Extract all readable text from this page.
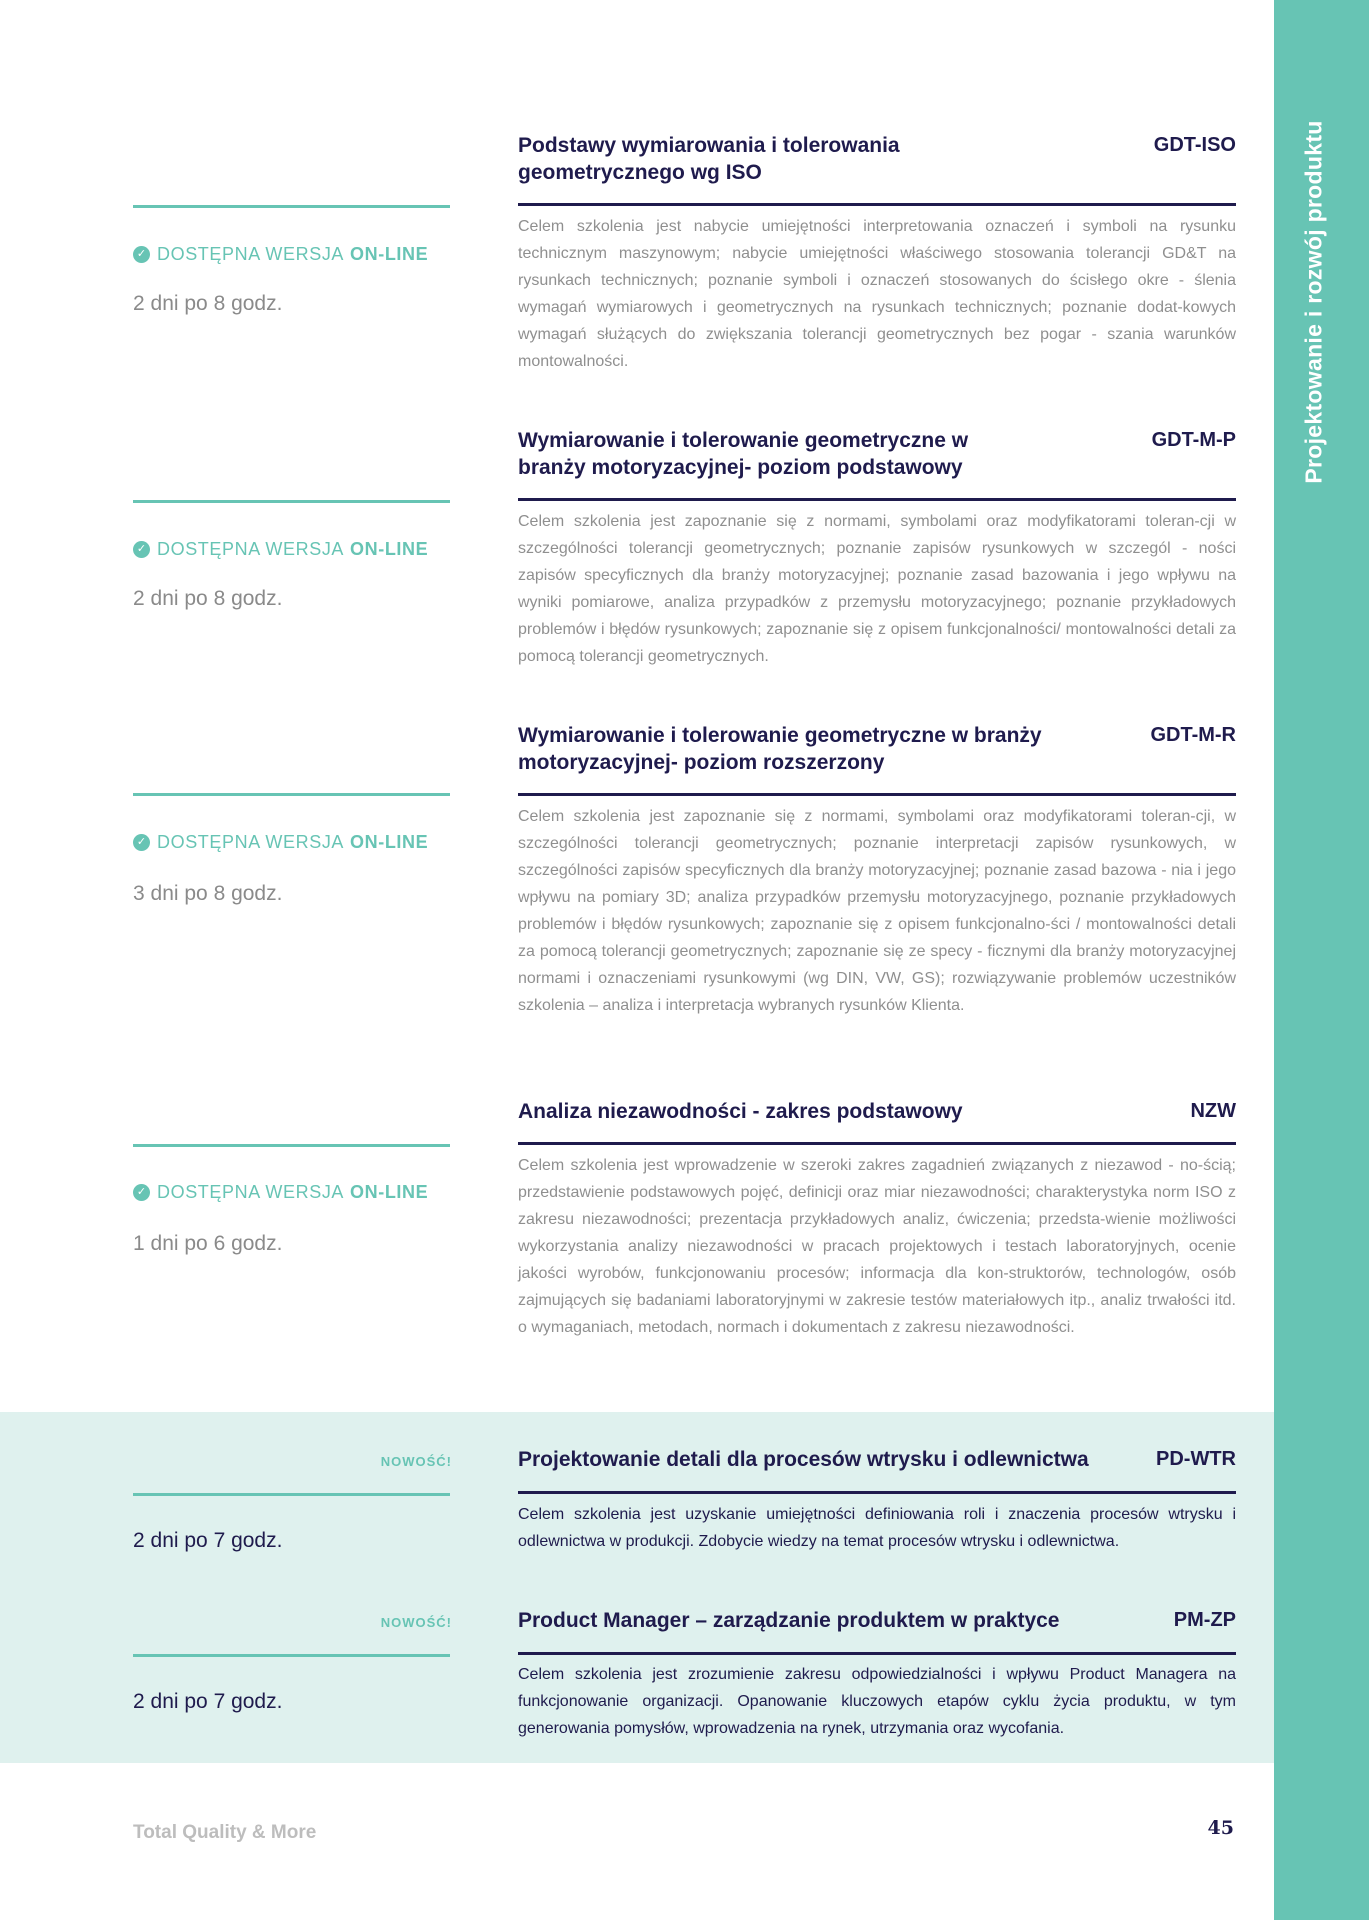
Projektowanie i rozwój produktu
Podstawy wymiarowania i tolerowania geometrycznego wg ISO
GDT-ISO
✓ DOSTĘPNA WERSJA ON-LINE
2 dni po 8 godz.
Celem szkolenia jest nabycie umiejętności interpretowania oznaczeń i symboli na rysunku technicznym maszynowym; nabycie umiejętności właściwego stosowania tolerancji GD&T na rysunkach technicznych; poznanie symboli i oznaczeń stosowanych do ścisłego okre - ślenia wymagań wymiarowych i geometrycznych na rysunkach technicznych; poznanie dodat-kowych wymagań służących do zwiększania tolerancji geometrycznych bez pogar - szania warunków montowalności.
Wymiarowanie i tolerowanie geometryczne w branży motoryzacyjnej- poziom podstawowy
GDT-M-P
✓ DOSTĘPNA WERSJA ON-LINE
2 dni po 8 godz.
Celem szkolenia jest zapoznanie się z normami, symbolami oraz modyfikatorami toleran-cji w szczególności tolerancji geometrycznych; poznanie zapisów rysunkowych w szczegól - ności zapisów specyficznych dla branży motoryzacyjnej; poznanie zasad bazowania i jego wpływu na wyniki pomiarowe, analiza przypadków z przemysłu motoryzacyjnego; poznanie przykładowych problemów i błędów rysunkowych; zapoznanie się z opisem funkcjonalności/ montowalności detali za pomocą tolerancji geometrycznych.
Wymiarowanie i tolerowanie geometryczne w branży motoryzacyjnej- poziom rozszerzony
GDT-M-R
✓ DOSTĘPNA WERSJA ON-LINE
3 dni po 8 godz.
Celem szkolenia jest zapoznanie się z normami, symbolami oraz modyfikatorami toleran-cji, w szczególności tolerancji geometrycznych; poznanie interpretacji zapisów rysunkowych, w szczególności zapisów specyficznych dla branży motoryzacyjnej; poznanie zasad bazowa - nia i jego wpływu na pomiary 3D; analiza przypadków przemysłu motoryzacyjnego, poznanie przykładowych problemów i błędów rysunkowych; zapoznanie się z opisem funkcjonalno-ści / montowalności detali za pomocą tolerancji geometrycznych; zapoznanie się ze specy - ficznymi dla branży motoryzacyjnej normami i oznaczeniami rysunkowymi (wg DIN, VW, GS); rozwiązywanie problemów uczestników szkolenia – analiza i interpretacja wybranych rysunków Klienta.
Analiza niezawodności - zakres podstawowy	NZW
✓ DOSTĘPNA WERSJA ON-LINE
1 dni po 6 godz.
Celem szkolenia jest wprowadzenie w szeroki zakres zagadnień związanych z niezawod - no-ścią; przedstawienie podstawowych pojęć, definicji oraz miar niezawodności; charakterystyka norm ISO z zakresu niezawodności; prezentacja przykładowych analiz, ćwiczenia; przedsta-wienie możliwości wykorzystania analizy niezawodności w pracach projektowych i testach laboratoryjnych, ocenie jakości wyrobów, funkcjonowaniu procesów; informacja dla kon-struktorów, technologów, osób zajmujących się badaniami laboratoryjnymi w zakresie testów materiałowych itp., analiz trwałości itd. o wymaganiach, metodach, normach i dokumentach z zakresu niezawodności.
NOWOŚĆ!	Projektowanie detali dla procesów wtrysku i odlewnictwa	PD-WTR
2 dni po 7 godz.
Celem szkolenia jest uzyskanie umiejętności definiowania roli i znaczenia procesów wtrysku i odlewnictwa w produkcji. Zdobycie wiedzy na temat procesów wtrysku i odlewnictwa.
NOWOŚĆ!	Product Manager – zarządzanie produktem w praktyce	PM-ZP
2 dni po 7 godz.
Celem szkolenia jest zrozumienie zakresu odpowiedzialności i wpływu Product Managera na funkcjonowanie organizacji. Opanowanie kluczowych etapów cyklu życia produktu, w tym generowania pomysłów, wprowadzenia na rynek, utrzymania oraz wycofania.
Total Quality & More	45
